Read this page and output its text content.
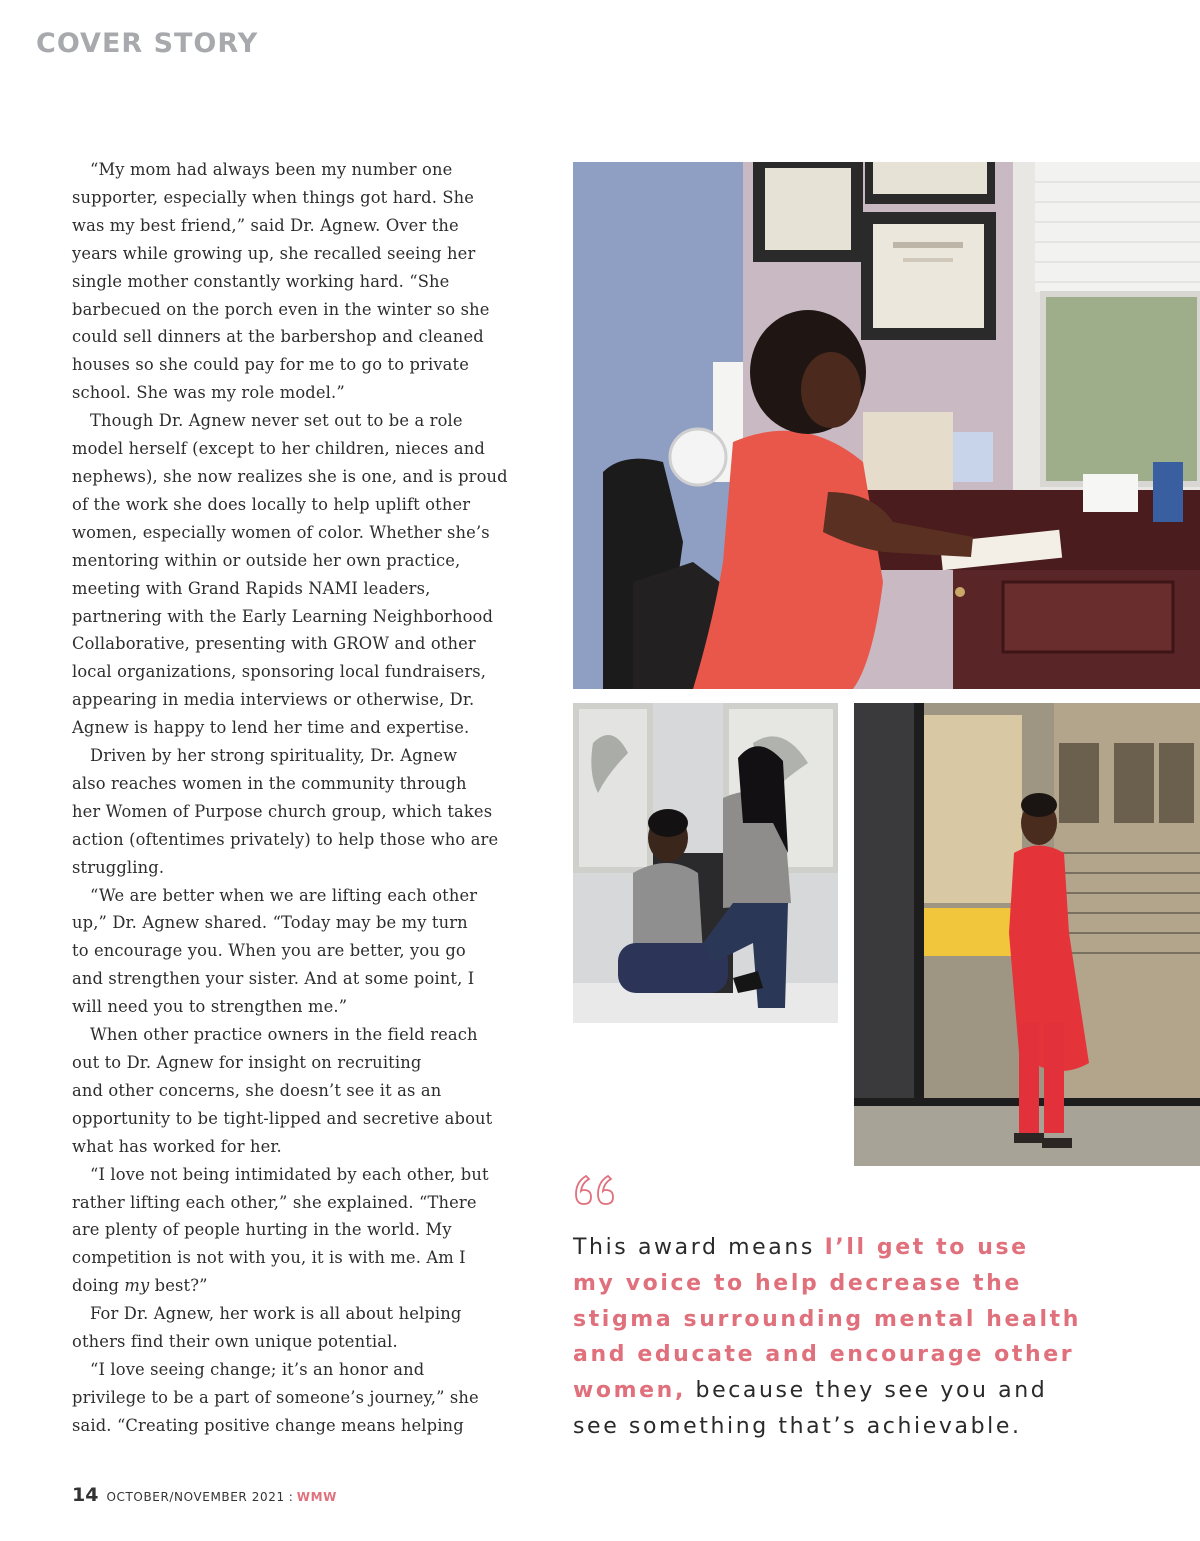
COVER STORY
“My mom had always been my number one
supporter, especially when things got hard. She
was my best friend,” said Dr. Agnew. Over the
years while growing up, she recalled seeing her
single mother constantly working hard. “She
barbecued on the porch even in the winter so she
could sell dinners at the barbershop and cleaned
houses so she could pay for me to go to private
school. She was my role model.”
Though Dr. Agnew never set out to be a role
model herself (except to her children, nieces and
nephews), she now realizes she is one, and is proud
of the work she does locally to help uplift other
women, especially women of color. Whether she’s
mentoring within or outside her own practice,
meeting with Grand Rapids NAMI leaders,
partnering with the Early Learning Neighborhood
Collaborative, presenting with GROW and other
local organizations, sponsoring local fundraisers,
appearing in media interviews or otherwise, Dr.
Agnew is happy to lend her time and expertise.
Driven by her strong spirituality, Dr. Agnew
also reaches women in the community through
her Women of Purpose church group, which takes
action (oftentimes privately) to help those who are
struggling.
“We are better when we are lifting each other
up,” Dr. Agnew shared. “Today may be my turn
to encourage you. When you are better, you go
and strengthen your sister. And at some point, I
will need you to strengthen me.”
When other practice owners in the field reach
out to Dr. Agnew for insight on recruiting
and other concerns, she doesn’t see it as an
opportunity to be tight-lipped and secretive about
what has worked for her.
“I love not being intimidated by each other, but
rather lifting each other,” she explained. “There
are plenty of people hurting in the world. My
competition is not with you, it is with me. Am I
doing my best?”
For Dr. Agnew, her work is all about helping
others find their own unique potential.
“I love seeing change; it’s an honor and
privilege to be a part of someone’s journey,” she
said. “Creating positive change means helping
This award means I’ll get to use
my voice to help decrease the
stigma surrounding mental health
and educate and encourage other
women, because they see you and
see something that’s achievable.
14 OCTOBER/NOVEMBER 2021 : WMW
